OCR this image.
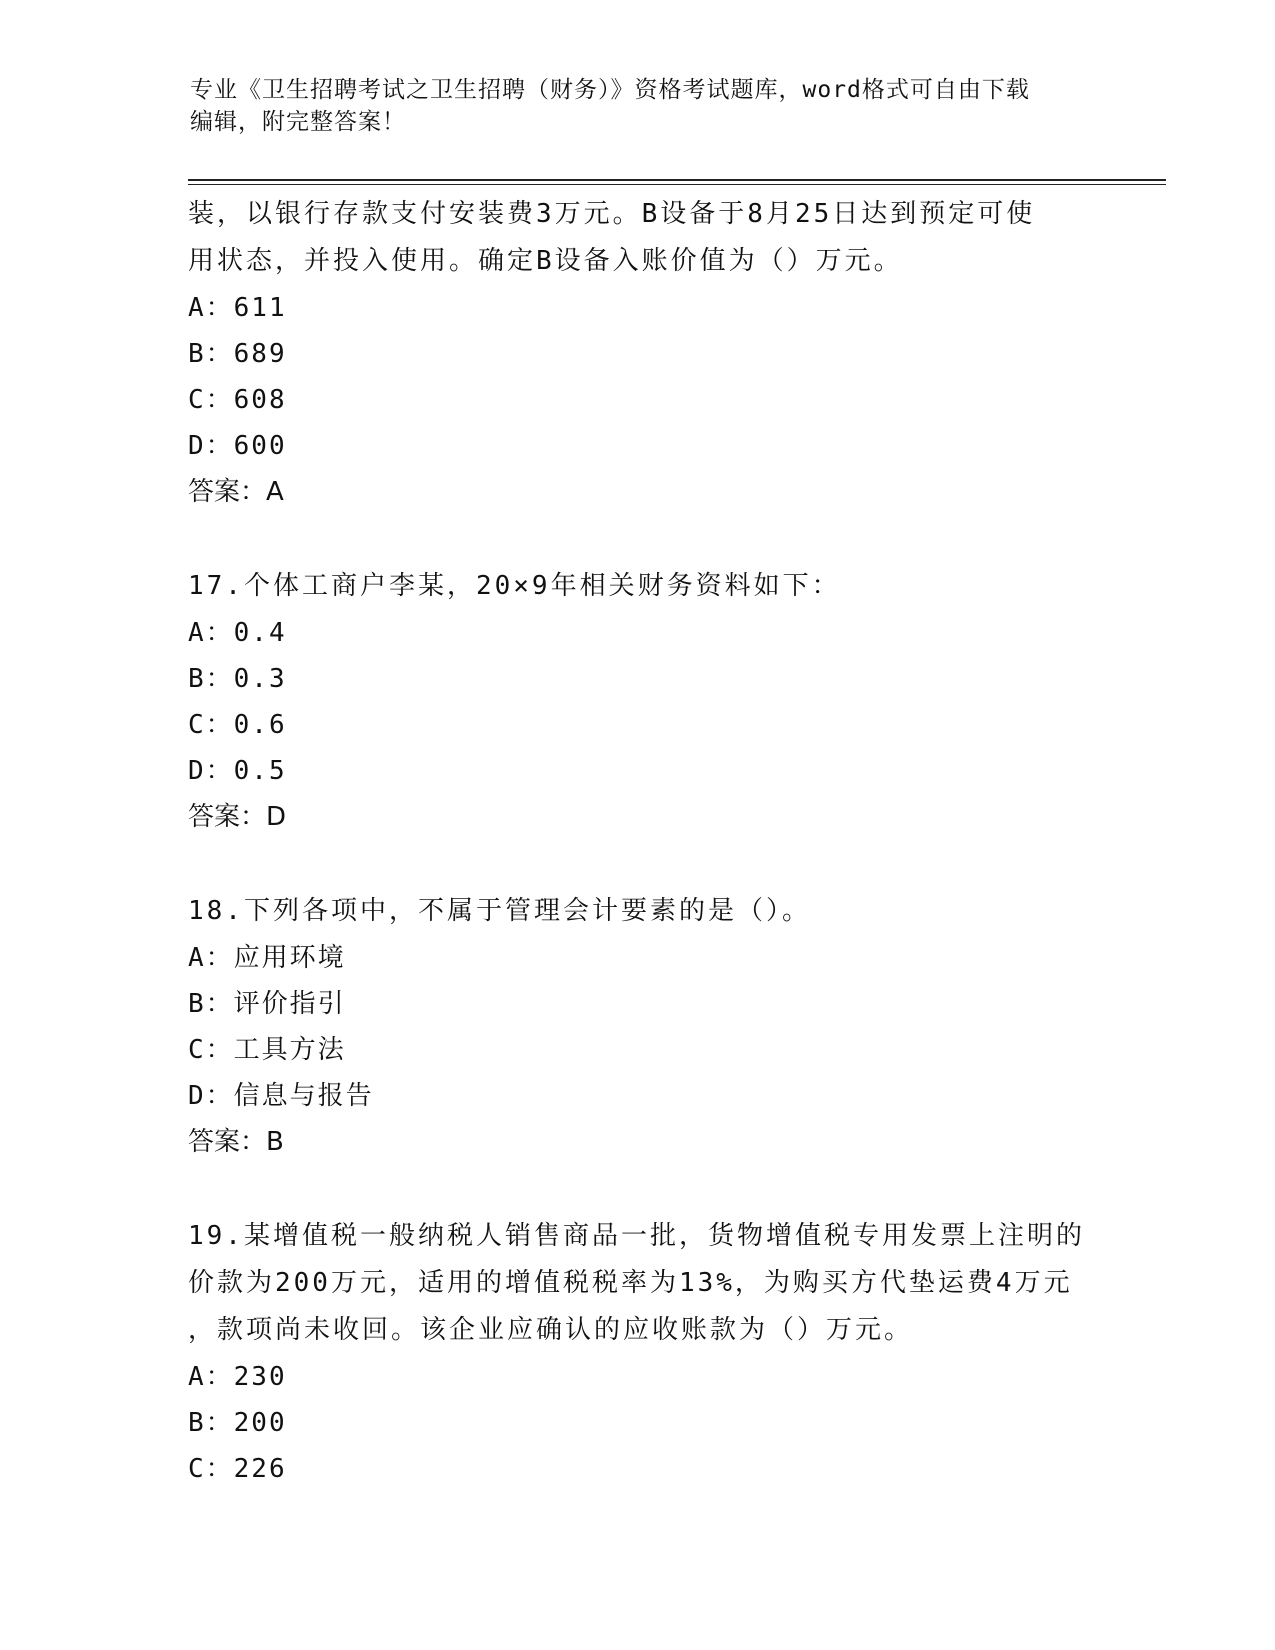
专业《卫生招聘考试之卫生招聘（财务）》资格考试题库，word格式可自由下载
编辑，附完整答案！

装，以银行存款支付安装费3万元。B设备于8月25日达到预定可使

用状态，并投入使用。确定B设备入账价值为（）万元。

A：611

B：689

C：608

D：600

答案：A

17.个体工商户李某，20×9年相关财务资料如下：

A：0.4

B：0.3

C：0.6

D：0.5

答案：D

18.下列各项中，不属于管理会计要素的是（）。

A：应用环境

B：评价指引

C：工具方法

D：信息与报告

答案：B

19.某增值税一般纳税人销售商品一批，货物增值税专用发票上注明的

价款为200万元，适用的增值税税率为13%，为购买方代垫运费4万元

，款项尚未收回。该企业应确认的应收账款为（）万元。

A：230

B：200

C：226
